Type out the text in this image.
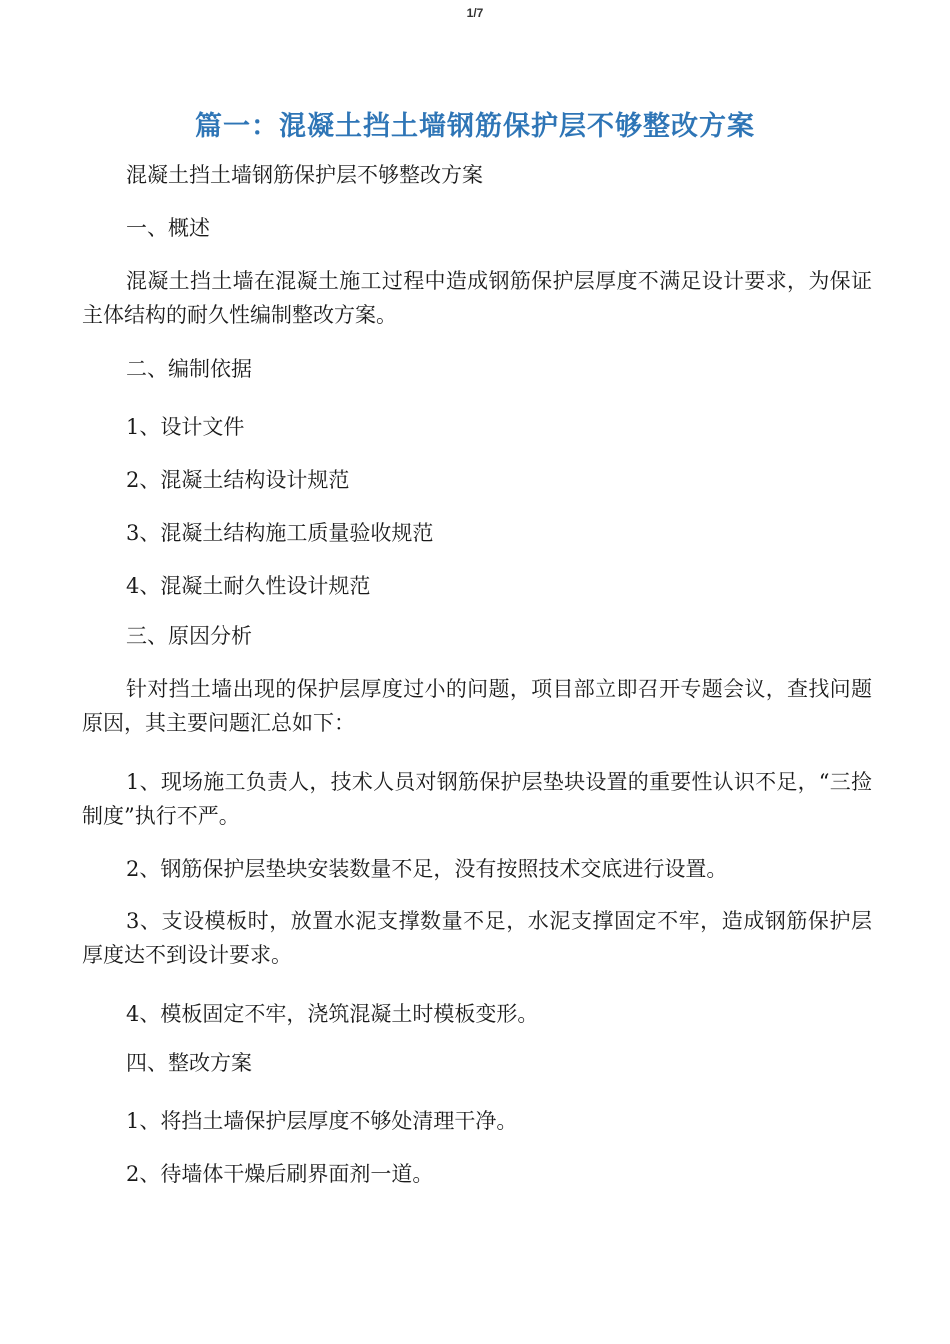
1/7
篇一：混凝土挡土墙钢筋保护层不够整改方案

混凝土挡土墙钢筋保护层不够整改方案

一、概述

混凝土挡土墙在混凝土施工过程中造成钢筋保护层厚度不满足设计要求，为保证主体结构的耐久性编制整改方案。

二、编制依据

1、设计文件

2、混凝土结构设计规范

3、混凝土结构施工质量验收规范

4、混凝土耐久性设计规范

三、原因分析

针对挡土墙出现的保护层厚度过小的问题，项目部立即召开专题会议，查找问题原因，其主要问题汇总如下：

1、现场施工负责人，技术人员对钢筋保护层垫块设置的重要性认识不足，“三捡制度”执行不严。

2、钢筋保护层垫块安装数量不足，没有按照技术交底进行设置。

3、支设模板时，放置水泥支撑数量不足，水泥支撑固定不牢，造成钢筋保护层厚度达不到设计要求。

4、模板固定不牢，浇筑混凝土时模板变形。

四、整改方案

1、将挡土墙保护层厚度不够处清理干净。

2、待墙体干燥后刷界面剂一道。
